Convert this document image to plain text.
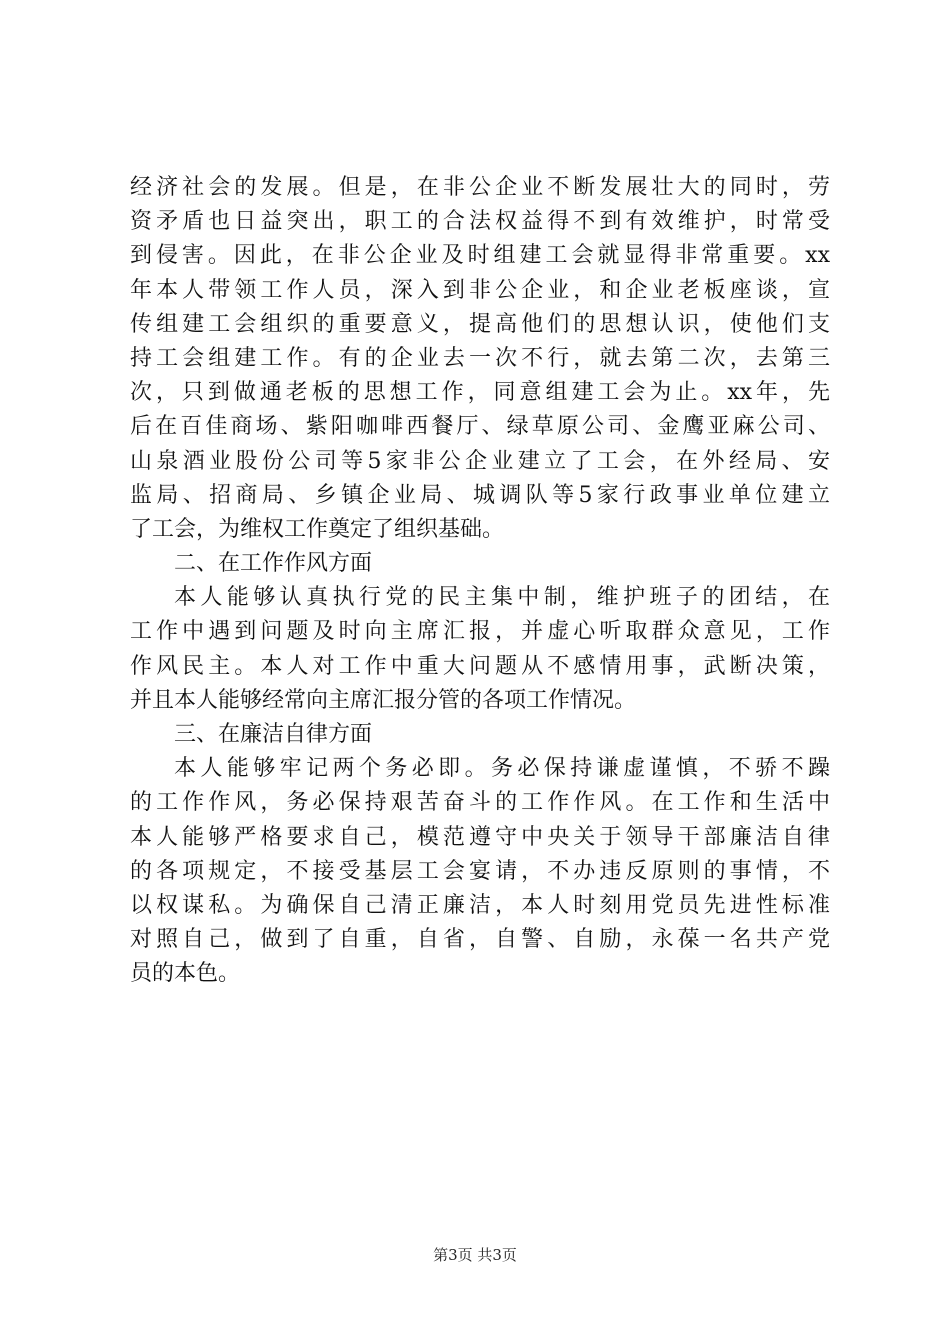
经济社会的发展。但是，在非公企业不断发展壮大的同时，劳
资矛盾也日益突出，职工的合法权益得不到有效维护，时常受
到侵害。因此，在非公企业及时组建工会就显得非常重要。xx
年本人带领工作人员，深入到非公企业，和企业老板座谈，宣
传组建工会组织的重要意义，提高他们的思想认识，使他们支
持工会组建工作。有的企业去一次不行，就去第二次，去第三
次，只到做通老板的思想工作，同意组建工会为止。xx年，先
后在百佳商场、紫阳咖啡西餐厅、绿草原公司、金鹰亚麻公司、
山泉酒业股份公司等5家非公企业建立了工会，在外经局、安
监局、招商局、乡镇企业局、城调队等5家行政事业单位建立
了工会，为维权工作奠定了组织基础。
二、在工作作风方面
本人能够认真执行党的民主集中制，维护班子的团结，在
工作中遇到问题及时向主席汇报，并虚心听取群众意见，工作
作风民主。本人对工作中重大问题从不感情用事，武断决策，
并且本人能够经常向主席汇报分管的各项工作情况。
三、在廉洁自律方面
本人能够牢记两个务必即。务必保持谦虚谨慎，不骄不躁
的工作作风，务必保持艰苦奋斗的工作作风。在工作和生活中
本人能够严格要求自己，模范遵守中央关于领导干部廉洁自律
的各项规定，不接受基层工会宴请，不办违反原则的事情，不
以权谋私。为确保自己清正廉洁，本人时刻用党员先进性标准
对照自己，做到了自重，自省，自警、自励，永葆一名共产党
员的本色。
第3页 共3页
